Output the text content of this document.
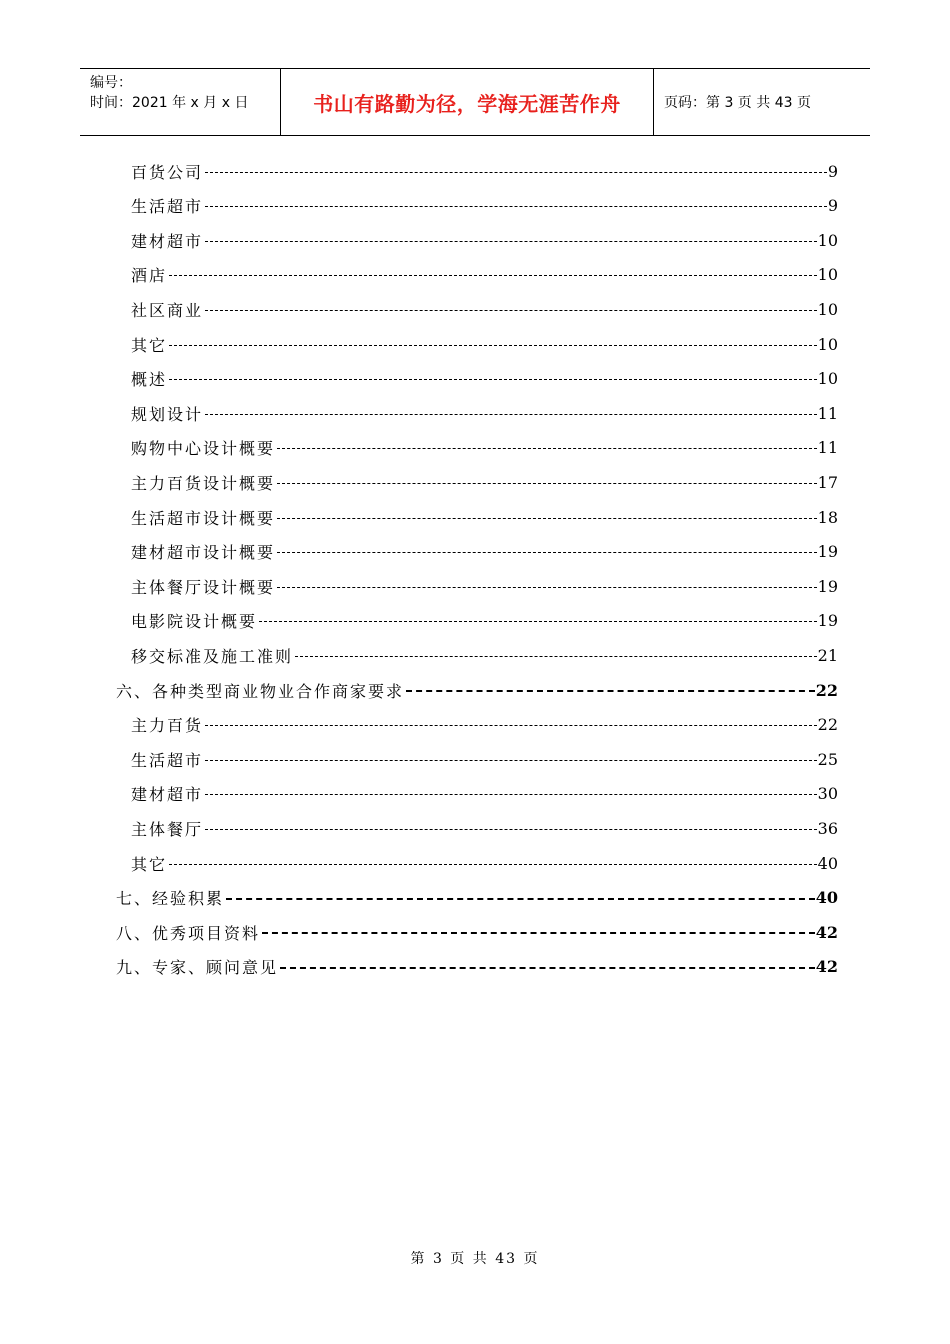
编号：
时间：2021 年 x 月 x 日	书山有路勤为径，学海无涯苦作舟	页码：第 3 页 共 43 页
百货公司	9
生活超市	9
建材超市	10
酒店	10
社区商业	10
其它	10
概述	10
规划设计	11
购物中心设计概要	11
主力百货设计概要	17
生活超市设计概要	18
建材超市设计概要	19
主体餐厅设计概要	19
电影院设计概要	19
移交标准及施工准则	21
六、各种类型商业物业合作商家要求	22
主力百货	22
生活超市	25
建材超市	30
主体餐厅	36
其它	40
七、经验积累	40
八、优秀项目资料	42
九、专家、顾问意见	42
第 3 页 共 43 页
